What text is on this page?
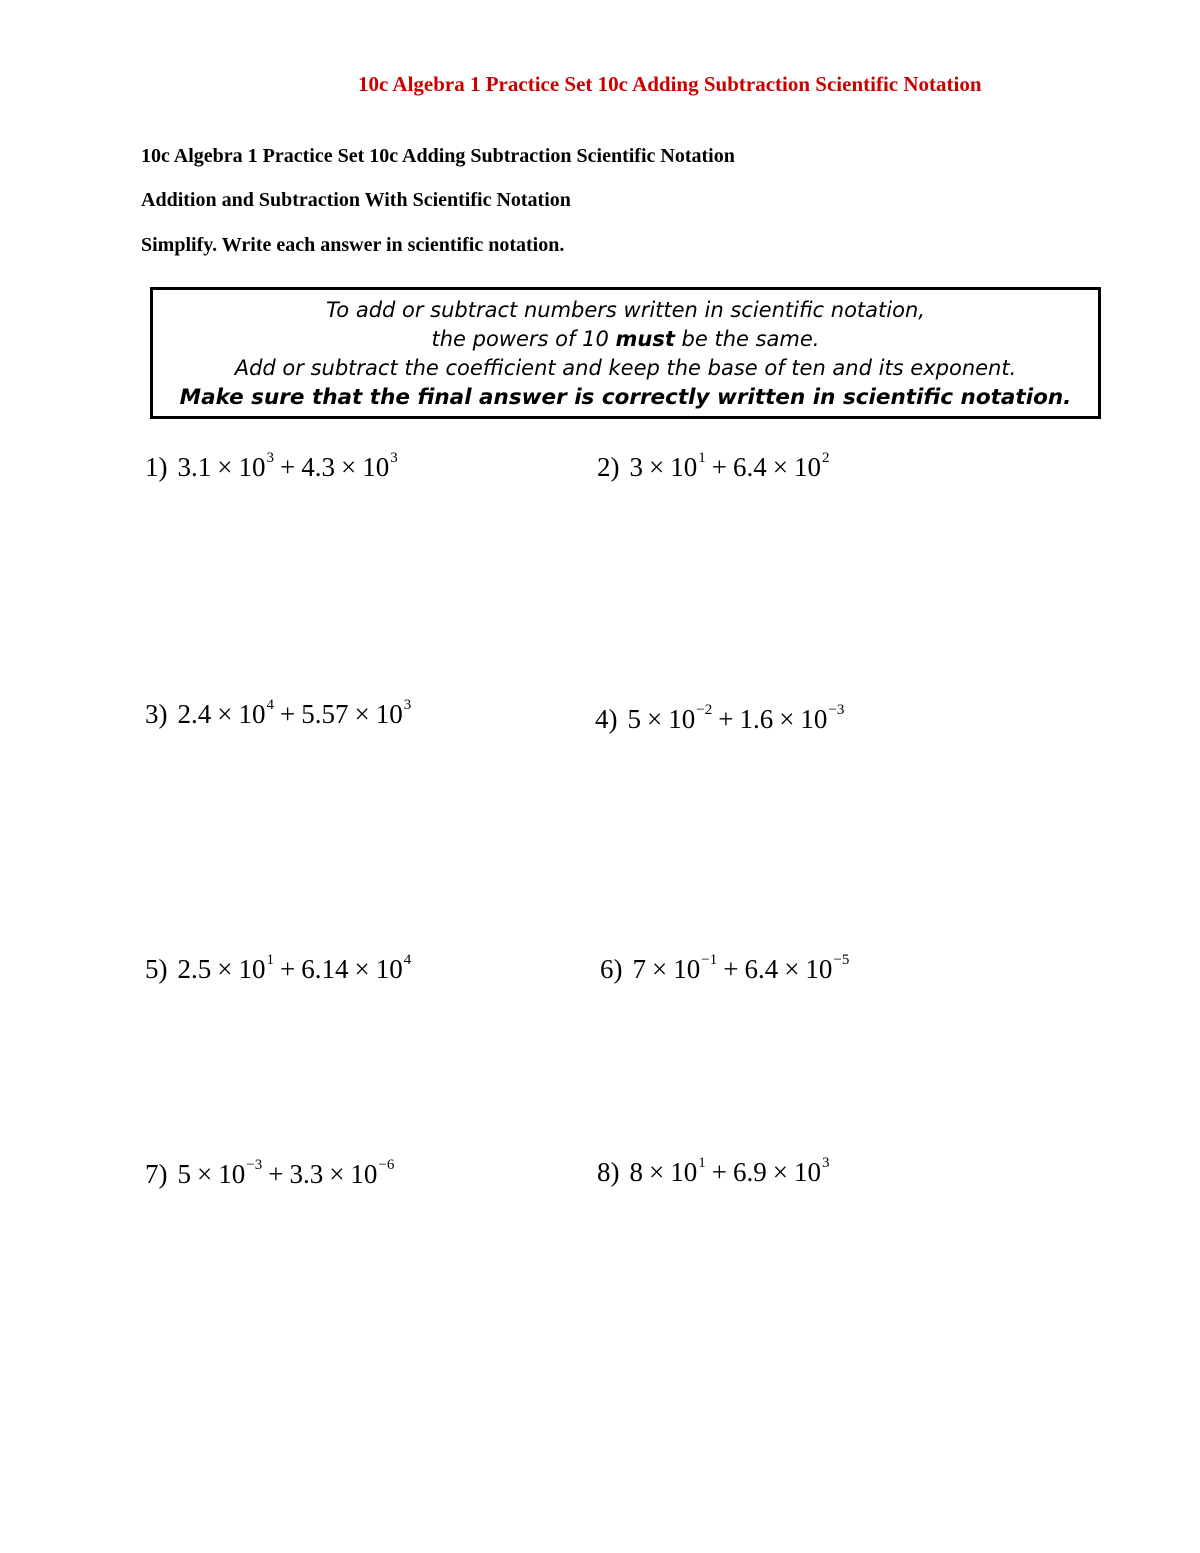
10c Algebra 1 Practice Set 10c Adding Subtraction Scientific Notation
10c Algebra 1 Practice Set 10c Adding Subtraction Scientific Notation
Addition and Subtraction With Scientific Notation
Simplify. Write each answer in scientific notation.
To add or subtract numbers written in scientific notation,
the powers of 10 must be the same.
Add or subtract the coefficient and keep the base of ten and its exponent.
Make sure that the final answer is correctly written in scientific notation.
1) $3.1 \times 10^3 + 4.3 \times 10^3$	2) $3 \times 10^1 + 6.4 \times 10^2$
3) $2.4 \times 10^4 + 5.57 \times 10^3$	4) $5 \times 10^{-2} + 1.6 \times 10^{-3}$
5) $2.5 \times 10^1 + 6.14 \times 10^4$	6) $7 \times 10^{-1} + 6.4 \times 10^{-5}$
7) $5 \times 10^{-3} + 3.3 \times 10^{-6}$	8) $8 \times 10^1 + 6.9 \times 10^3$
